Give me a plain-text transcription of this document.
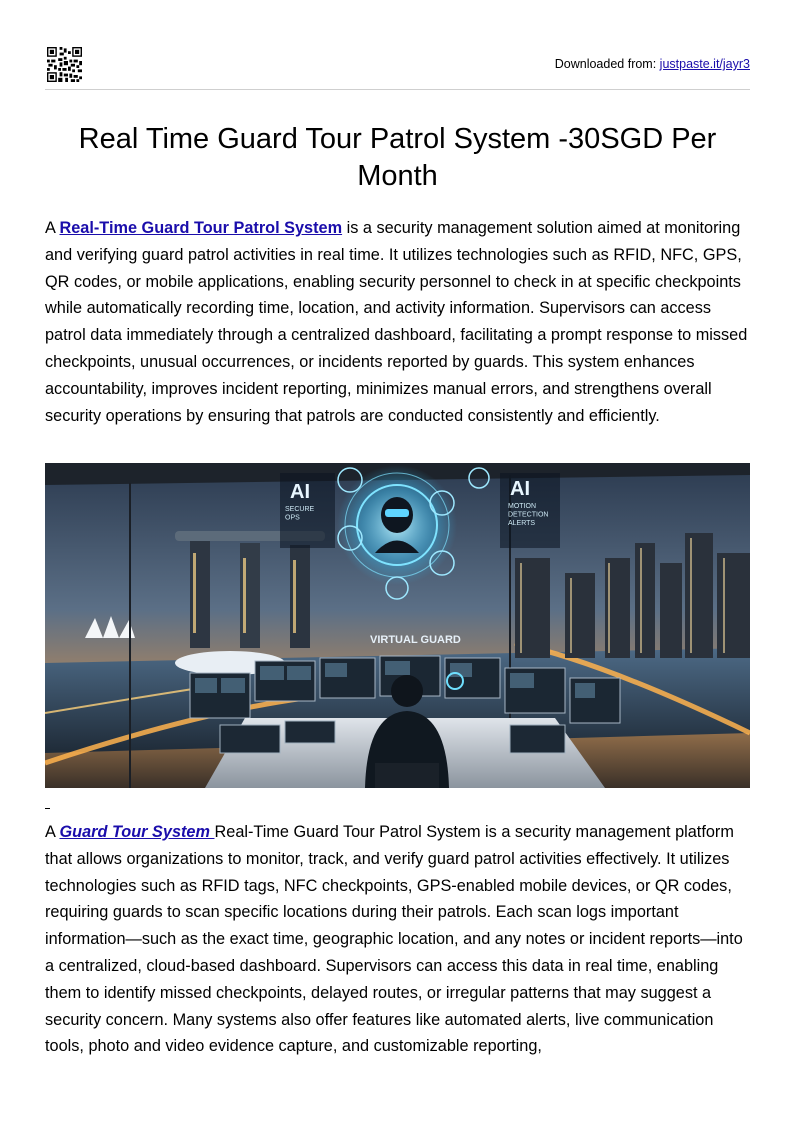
Downloaded from: justpaste.it/jayr3
Real Time Guard Tour Patrol System -30SGD Per Month

A Real-Time Guard Tour Patrol System is a security management solution aimed at monitoring and verifying guard patrol activities in real time. It utilizes technologies such as RFID, NFC, GPS, QR codes, or mobile applications, enabling security personnel to check in at specific checkpoints while automatically recording time, location, and activity information. Supervisors can access patrol data immediately through a centralized dashboard, facilitating a prompt response to missed checkpoints, unusual occurrences, or incidents reported by guards. This system enhances accountability, improves incident reporting, minimizes manual errors, and strengthens overall security operations by ensuring that patrols are conducted consistently and efficiently.

AI
SECURE OPS
AI
MOTION DETECTION ALERTS
VIRTUAL GUARD

A Guard Tour System Real-Time Guard Tour Patrol System is a security management platform that allows organizations to monitor, track, and verify guard patrol activities effectively. It utilizes technologies such as RFID tags, NFC checkpoints, GPS-enabled mobile devices, or QR codes, requiring guards to scan specific locations during their patrols. Each scan logs important information—such as the exact time, geographic location, and any notes or incident reports—into a centralized, cloud-based dashboard. Supervisors can access this data in real time, enabling them to identify missed checkpoints, delayed routes, or irregular patterns that may suggest a security concern. Many systems also offer features like automated alerts, live communication tools, photo and video evidence capture, and customizable reporting,
